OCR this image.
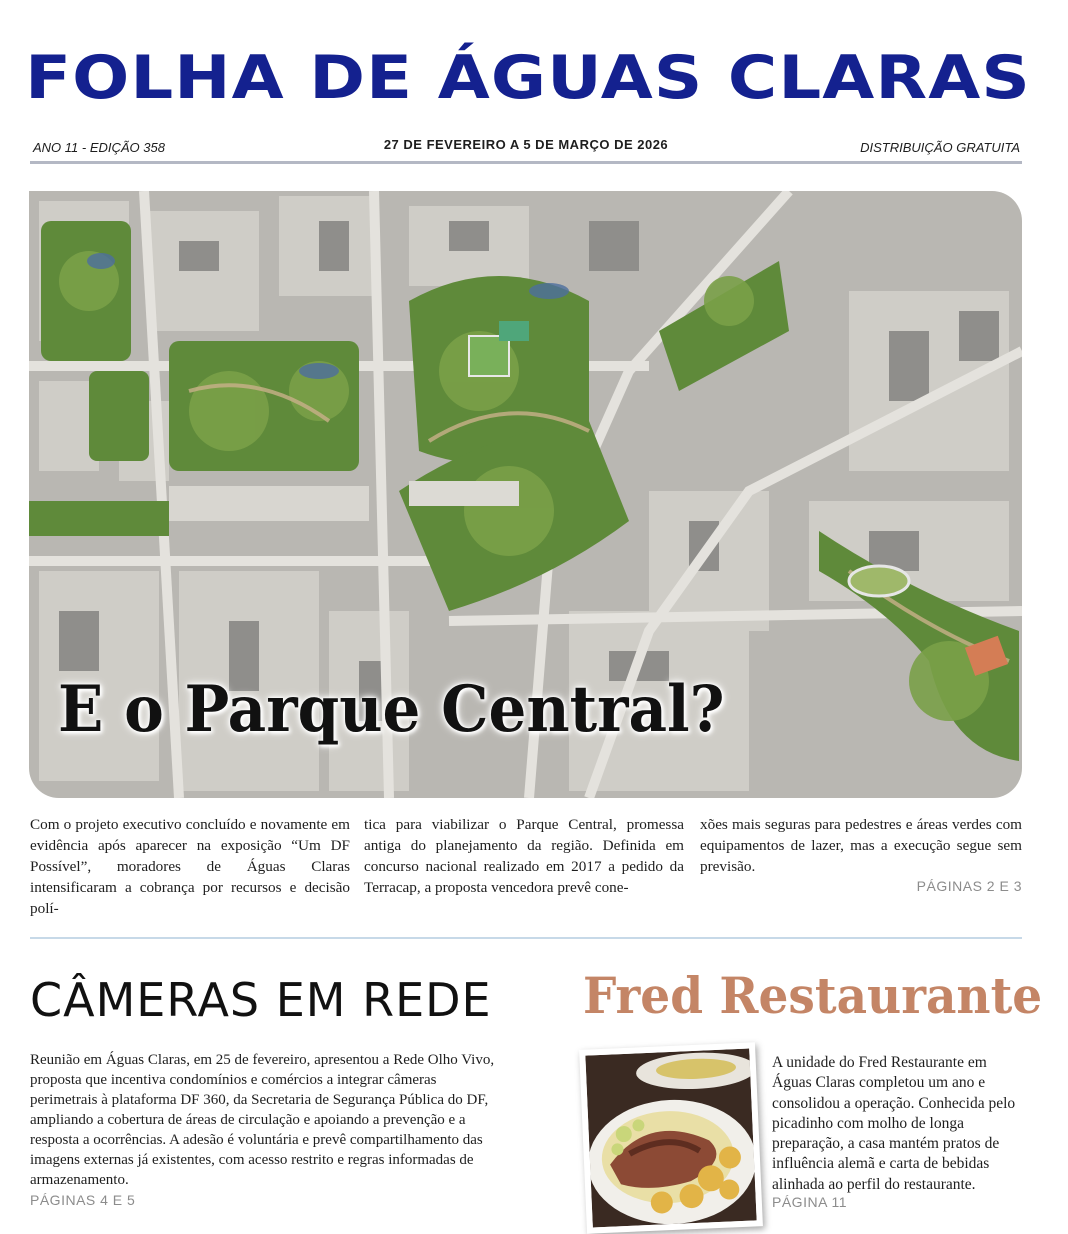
FOLHA DE ÁGUAS CLARAS
ANO 11 - EDIÇÃO 358	27 DE FEVEREIRO A 5 DE MARÇO DE 2026	DISTRIBUIÇÃO GRATUITA
E o Parque Central?
Com o projeto executivo concluído e novamente em evidência após aparecer na exposição “Um DF Possível”, moradores de Águas Claras intensificaram a cobrança por recursos e decisão polí-
tica para viabilizar o Parque Central, promessa antiga do planejamento da região. Definida em concurso nacional realizado em 2017 a pedido da Terracap, a proposta vencedora prevê cone-
xões mais seguras para pedestres e áreas verdes com equipamentos de lazer, mas a execução segue sem previsão.
PÁGINAS 2 E 3
CÂMERAS EM REDE
Reunião em Águas Claras, em 25 de fevereiro, apresentou a Rede Olho Vivo, proposta que incentiva condomínios e comércios a integrar câmeras perimetrais à plataforma DF 360, da Secretaria de Segurança Pública do DF, ampliando a cobertura de áreas de circulação e apoiando a prevenção e a resposta a ocorrências. A adesão é voluntária e prevê compartilhamento das imagens externas já existentes, com acesso restrito e regras informadas de armazenamento.
PÁGINAS 4 E 5
Fred Restaurante
A unidade do Fred Restaurante em Águas Claras completou um ano e consolidou a operação. Conhecida pelo picadinho com molho de longa preparação, a casa mantém pratos de influência alemã e carta de bebidas alinhada ao perfil do restaurante.
PÁGINA 11
